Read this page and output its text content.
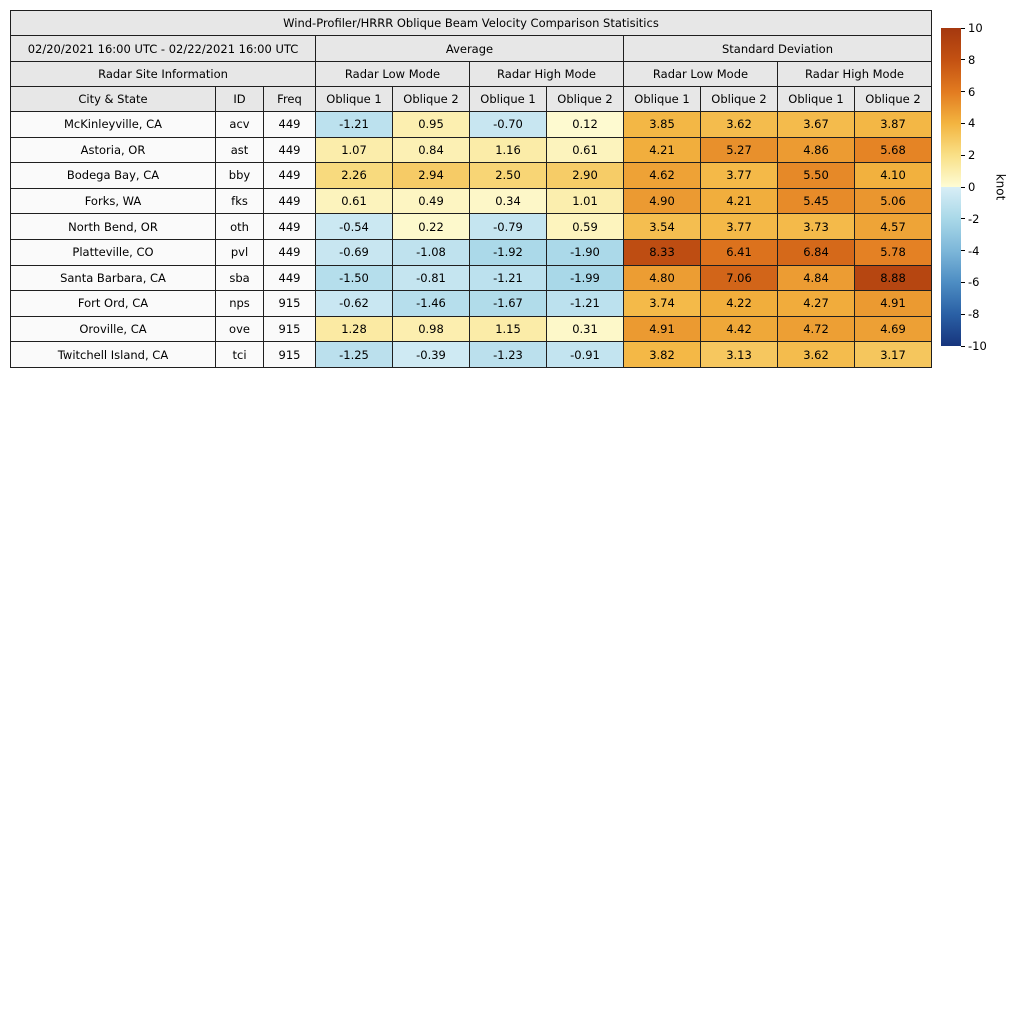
Wind-Profiler/HRRR Oblique Beam Velocity Comparison Statisitics										
02/20/2021 16:00 UTC - 02/22/2021 16:00 UTC			Average				Standard Deviation			
Radar Site Information			Radar Low Mode		Radar High Mode		Radar Low Mode		Radar High Mode	
City & State	ID	Freq	Oblique 1	Oblique 2	Oblique 1	Oblique 2	Oblique 1	Oblique 2	Oblique 1	Oblique 2
McKinleyville, CA	acv	449	-1.21	0.95	-0.70	0.12	3.85	3.62	3.67	3.87
Astoria, OR	ast	449	1.07	0.84	1.16	0.61	4.21	5.27	4.86	5.68
Bodega Bay, CA	bby	449	2.26	2.94	2.50	2.90	4.62	3.77	5.50	4.10
Forks, WA	fks	449	0.61	0.49	0.34	1.01	4.90	4.21	5.45	5.06
North Bend, OR	oth	449	-0.54	0.22	-0.79	0.59	3.54	3.77	3.73	4.57
Platteville, CO	pvl	449	-0.69	-1.08	-1.92	-1.90	8.33	6.41	6.84	5.78
Santa Barbara, CA	sba	449	-1.50	-0.81	-1.21	-1.99	4.80	7.06	4.84	8.88
Fort Ord, CA	nps	915	-0.62	-1.46	-1.67	-1.21	3.74	4.22	4.27	4.91
Oroville, CA	ove	915	1.28	0.98	1.15	0.31	4.91	4.42	4.72	4.69
Twitchell Island, CA	tci	915	-1.25	-0.39	-1.23	-0.91	3.82	3.13	3.62	3.17
10
8
6
4
2
0
-2
-4
-6
-8
-10
knot
